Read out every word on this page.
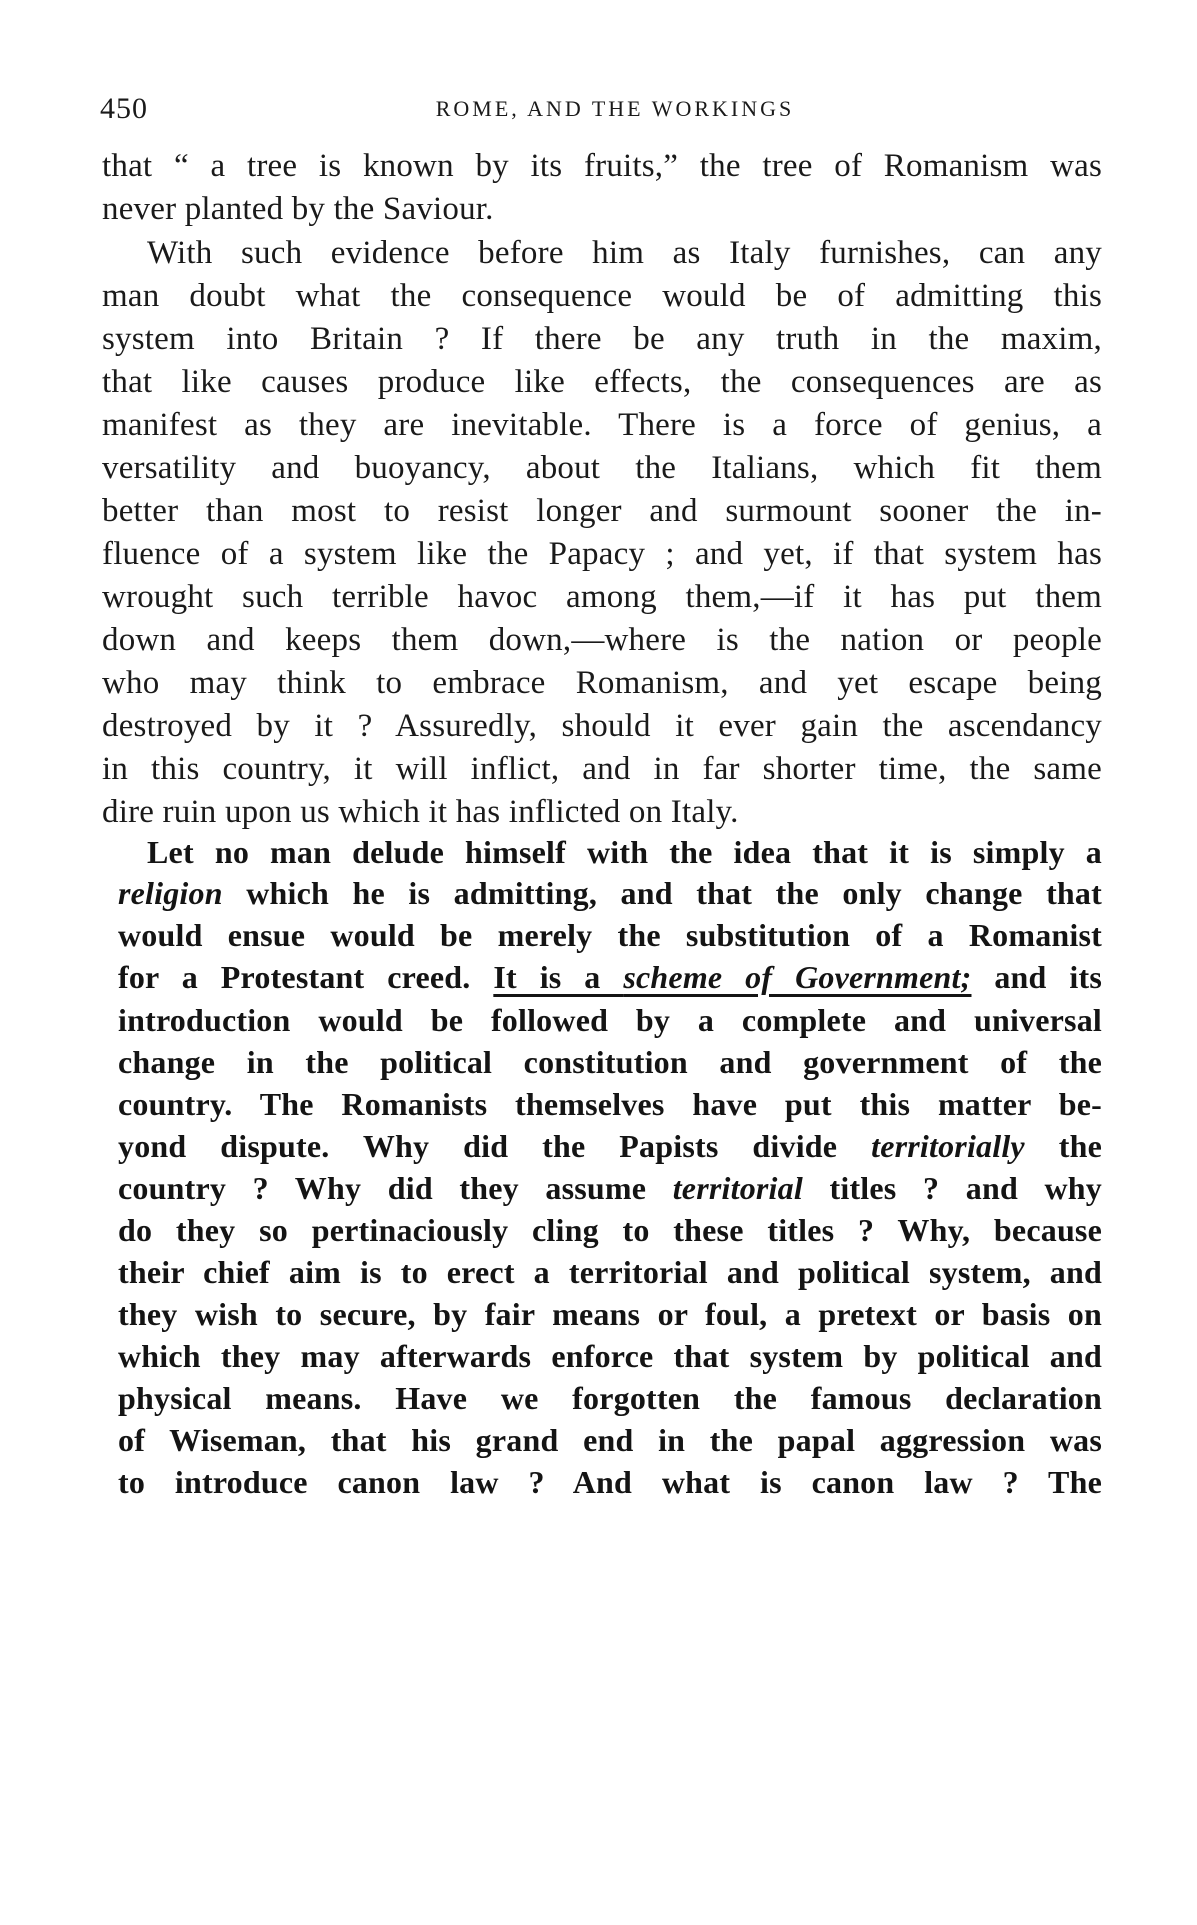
450	ROME, AND THE WORKINGS
that “ a tree is known by its fruits,” the tree of Romanism was
never planted by the Saviour.
With such evidence before him as Italy furnishes, can any
man doubt what the consequence would be of admitting this
system into Britain ? If there be any truth in the maxim,
that like causes produce like effects, the consequences are as
manifest as they are inevitable. There is a force of genius, a
versatility and buoyancy, about the Italians, which fit them
better than most to resist longer and surmount sooner the in-
fluence of a system like the Papacy ; and yet, if that system has
wrought such terrible havoc among them,—if it has put them
down and keeps them down,—where is the nation or people
who may think to embrace Romanism, and yet escape being
destroyed by it ? Assuredly, should it ever gain the ascendancy
in this country, it will inflict, and in far shorter time, the same
dire ruin upon us which it has inflicted on Italy.
Let no man delude himself with the idea that it is simply a
religion which he is admitting, and that the only change that
would ensue would be merely the substitution of a Romanist
for a Protestant creed. It is a scheme of Government; and its
introduction would be followed by a complete and universal
change in the political constitution and government of the
country. The Romanists themselves have put this matter be-
yond dispute. Why did the Papists divide territorially the
country ? Why did they assume territorial titles ? and why
do they so pertinaciously cling to these titles ? Why, because
their chief aim is to erect a territorial and political system, and
they wish to secure, by fair means or foul, a pretext or basis on
which they may afterwards enforce that system by political and
physical means. Have we forgotten the famous declaration
of Wiseman, that his grand end in the papal aggression was
to introduce canon law ? And what is canon law ? The
